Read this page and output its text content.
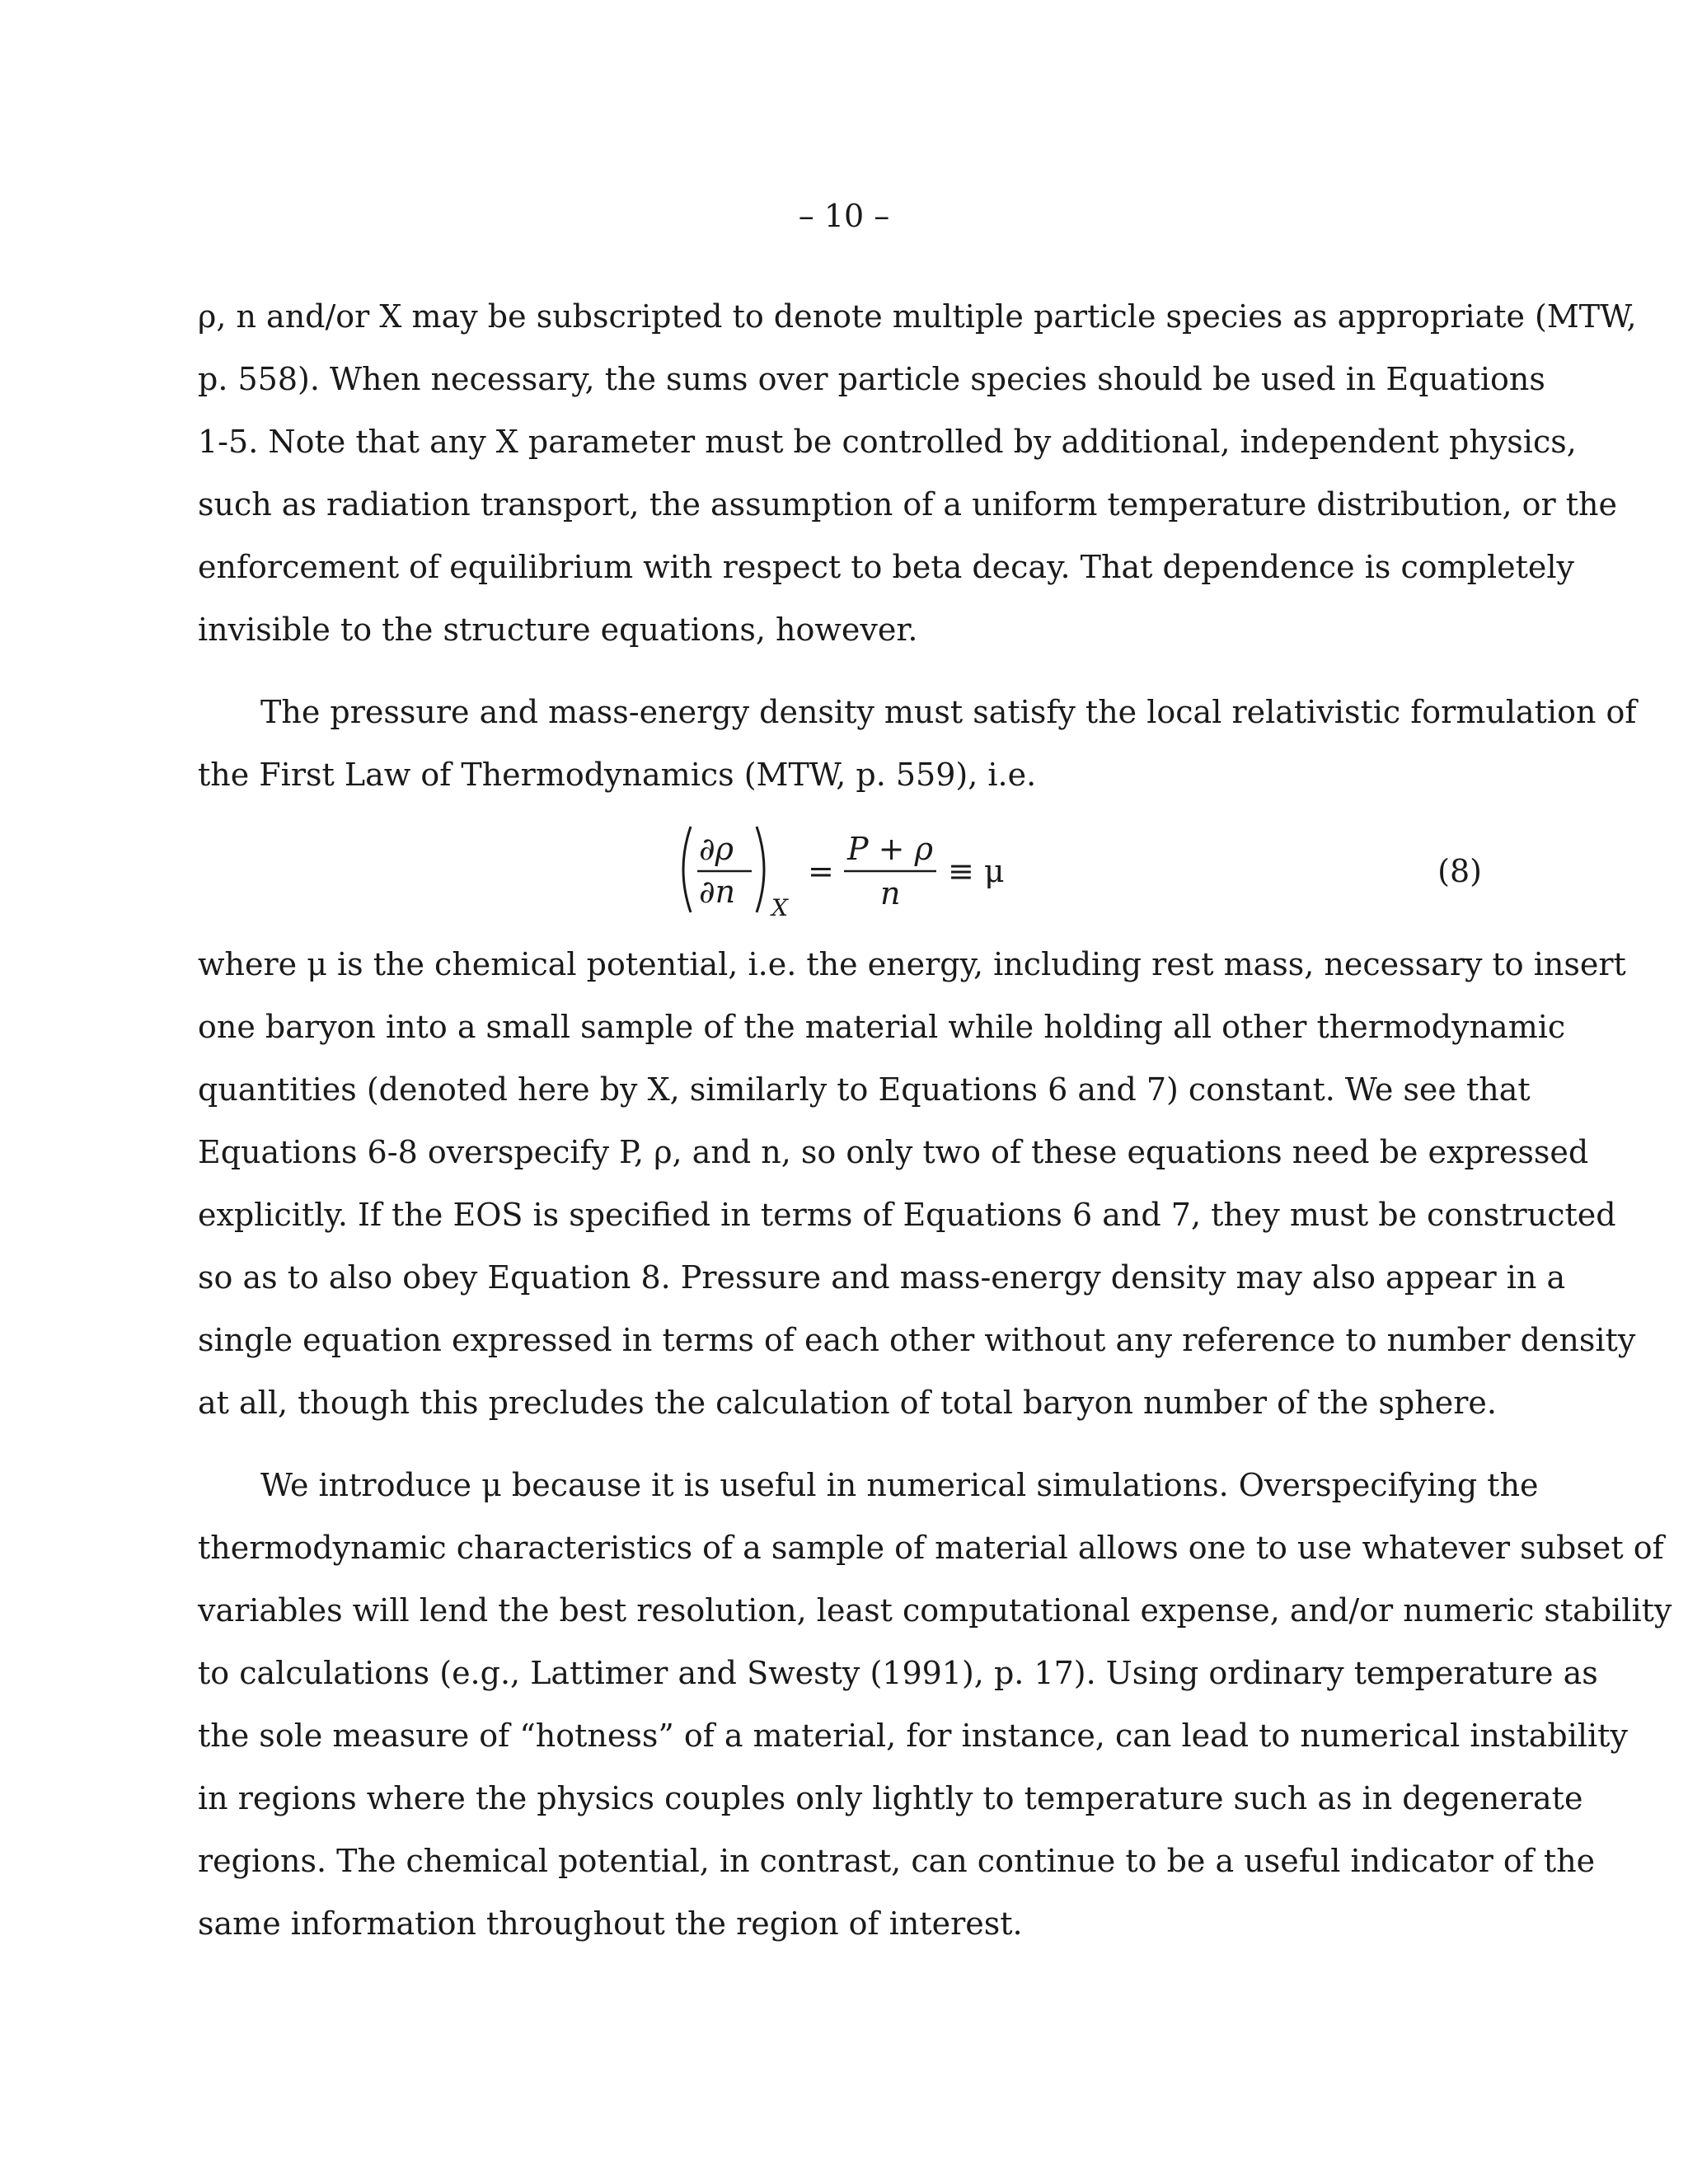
– 10 –
ρ, n and/or X may be subscripted to denote multiple particle species as appropriate (MTW,
p. 558). When necessary, the sums over particle species should be used in Equations
1-5. Note that any X parameter must be controlled by additional, independent physics,
such as radiation transport, the assumption of a uniform temperature distribution, or the
enforcement of equilibrium with respect to beta decay. That dependence is completely
invisible to the structure equations, however.
The pressure and mass-energy density must satisfy the local relativistic formulation of
the First Law of Thermodynamics (MTW, p. 559), i.e.
∂ρ
∂n X
=
P + ρ
n
≡ μ	(8)
where μ is the chemical potential, i.e. the energy, including rest mass, necessary to insert
one baryon into a small sample of the material while holding all other thermodynamic
quantities (denoted here by X, similarly to Equations 6 and 7) constant. We see that
Equations 6-8 overspecify P, ρ, and n, so only two of these equations need be expressed
explicitly. If the EOS is specified in terms of Equations 6 and 7, they must be constructed
so as to also obey Equation 8. Pressure and mass-energy density may also appear in a
single equation expressed in terms of each other without any reference to number density
at all, though this precludes the calculation of total baryon number of the sphere.
We introduce μ because it is useful in numerical simulations. Overspecifying the
thermodynamic characteristics of a sample of material allows one to use whatever subset of
variables will lend the best resolution, least computational expense, and/or numeric stability
to calculations (e.g., Lattimer and Swesty (1991), p. 17). Using ordinary temperature as
the sole measure of “hotness” of a material, for instance, can lead to numerical instability
in regions where the physics couples only lightly to temperature such as in degenerate
regions. The chemical potential, in contrast, can continue to be a useful indicator of the
same information throughout the region of interest.
